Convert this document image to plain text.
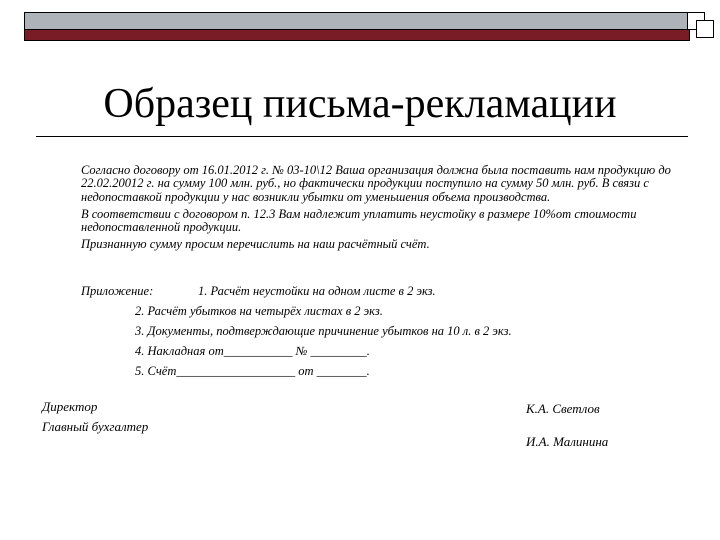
Образец письма-рекламации

Согласно договору от 16.01.2012 г. № 03-10\12 Ваша организация должна была поставить нам продукцию до 22.02.20012 г. на сумму 100 млн. руб., но фактически продукции поступило на сумму 50 млн. руб. В связи с недопоставкой продукции у нас возникли убытки от уменьшения объема производства.

В соответствии с договором п. 12.3 Вам надлежит уплатить неустойку в размере 10%от стоимости недопоставленной продукции.

Признанную сумму просим перечислить на наш расчётный счёт.

Приложение:	1. Расчёт неустойки на одном листе в 2 экз.
2. Расчёт убытков на четырёх листах в 2 экз.
3. Документы, подтверждающие причинение убытков на 10 л. в 2 экз.
4. Накладная от___________ № _________.
5. Счёт___________________ от ________.
Директор
Главный бухгалтер
К.А. Светлов
И.А. Малинина
